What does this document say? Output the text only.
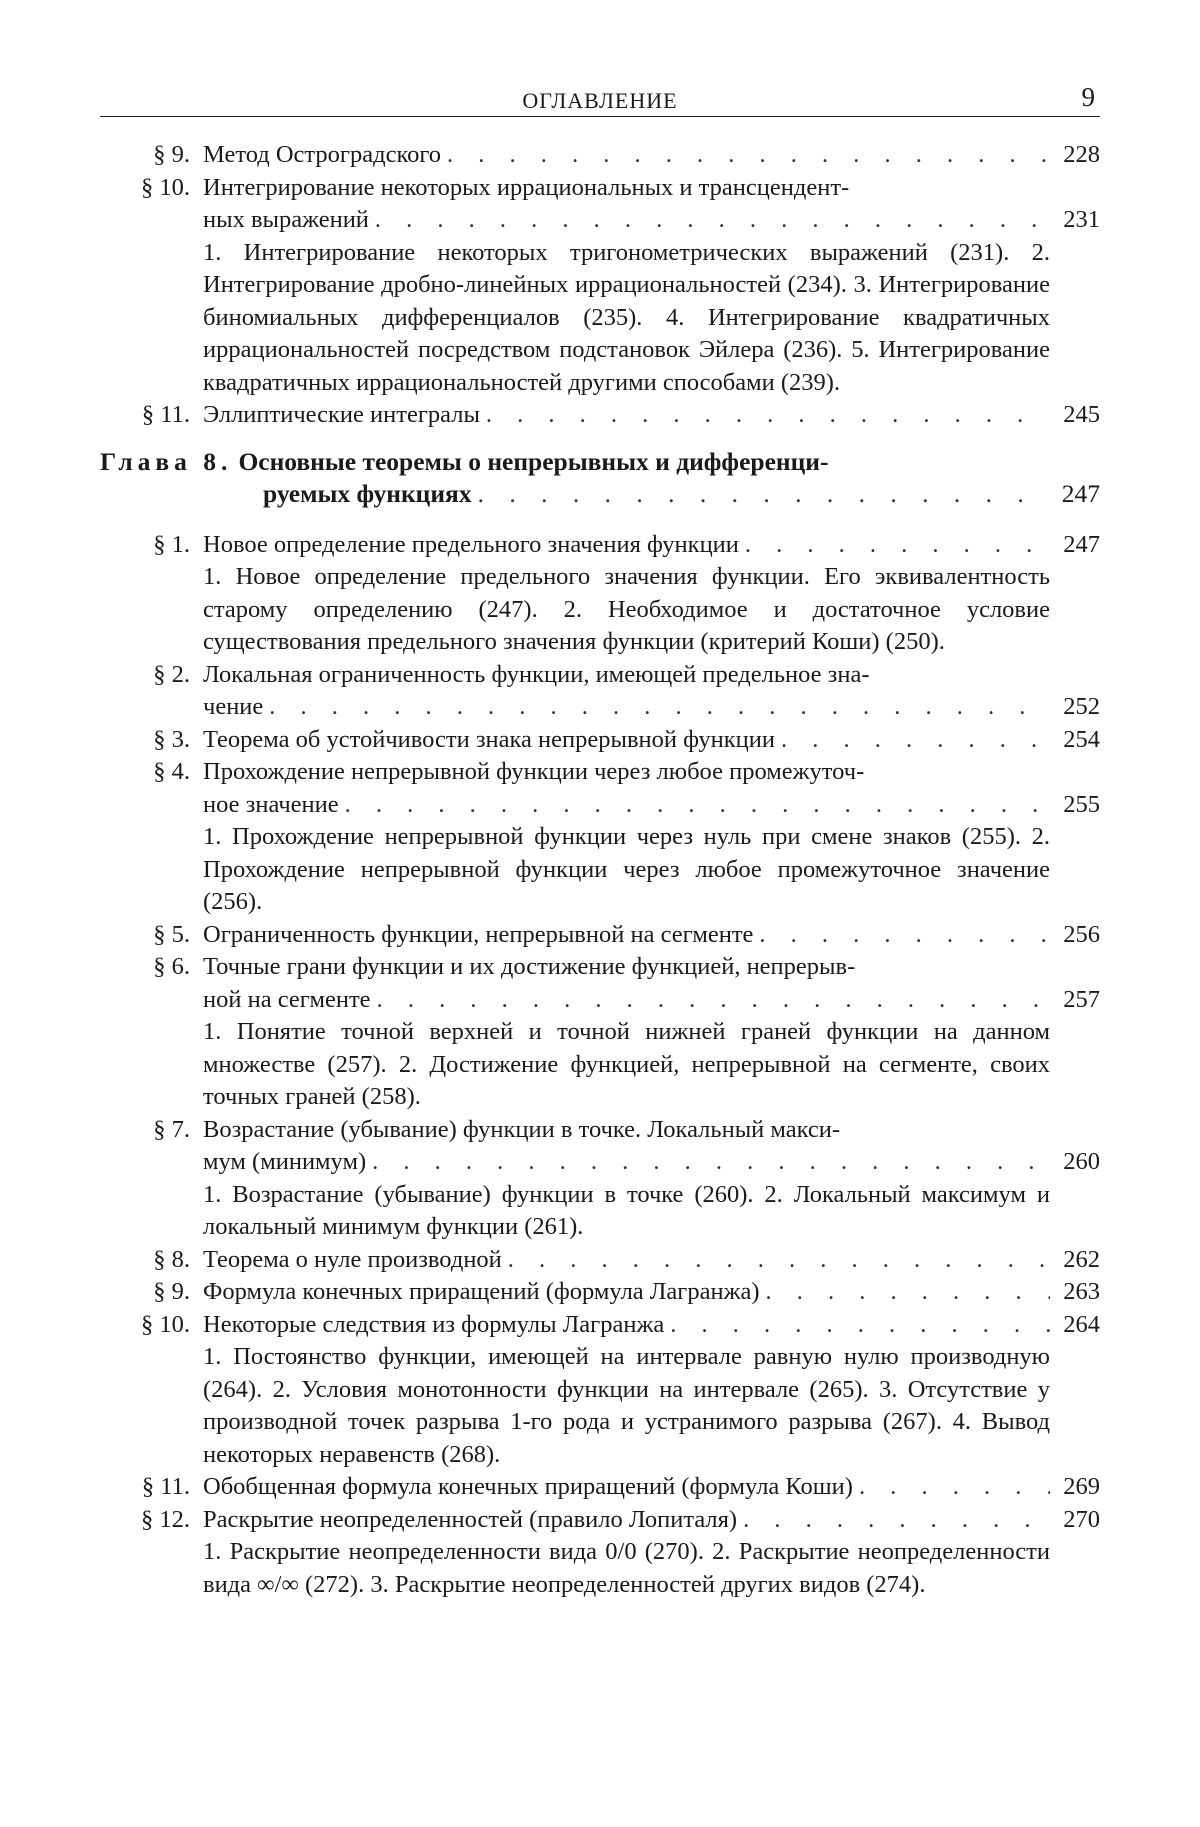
ОГЛАВЛЕНИЕ	9
§ 9. Метод Остроградского . . .	228
§ 10. Интегрирование некоторых иррациональных и трансцендент-
ных выражений . . .	231
1. Интегрирование некоторых тригонометрических выражений (231). 2. Интегрирование дробно-линейных иррациональностей (234). 3. Интегрирование биномиальных дифференциалов (235). 4. Интегрирование квадратичных иррациональностей посредством подстановок Эйлера (236). 5. Интегрирование квадратичных иррациональностей другими способами (239).
§ 11. Эллиптические интегралы . . .	245
Глава 8. Основные теоремы о непрерывных и дифференци-
руемых функциях . . .	247
§ 1. Новое определение предельного значения функции . . .	247
1. Новое определение предельного значения функции. Его эквивалентность старому определению (247). 2. Необходимое и достаточное условие существования предельного значения функции (критерий Коши) (250).
§ 2. Локальная ограниченность функции, имеющей предельное зна-
чение . . .	252
§ 3. Теорема об устойчивости знака непрерывной функции . . .	254
§ 4. Прохождение непрерывной функции через любое промежуточ-
ное значение . . .	255
1. Прохождение непрерывной функции через нуль при смене знаков (255). 2. Прохождение непрерывной функции через любое промежуточное значение (256).
§ 5. Ограниченность функции, непрерывной на сегменте . . .	256
§ 6. Точные грани функции и их достижение функцией, непрерыв-
ной на сегменте . . .	257
1. Понятие точной верхней и точной нижней граней функции на данном множестве (257). 2. Достижение функцией, непрерывной на сегменте, своих точных граней (258).
§ 7. Возрастание (убывание) функции в точке. Локальный макси-
мум (минимум) . . .	260
1. Возрастание (убывание) функции в точке (260). 2. Локальный максимум и локальный минимум функции (261).
§ 8. Теорема о нуле производной . . .	262
§ 9. Формула конечных приращений (формула Лагранжа) . . .	263
§ 10. Некоторые следствия из формулы Лагранжа . . .	264
1. Постоянство функции, имеющей на интервале равную нулю производную (264). 2. Условия монотонности функции на интервале (265). 3. Отсутствие у производной точек разрыва 1-го рода и устранимого разрыва (267). 4. Вывод некоторых неравенств (268).
§ 11. Обобщенная формула конечных приращений (формула Коши) . . .	269
§ 12. Раскрытие неопределенностей (правило Лопиталя) . . .	270
1. Раскрытие неопределенности вида 0/0 (270). 2. Раскрытие неопределенности вида ∞/∞ (272). 3. Раскрытие неопределенностей других видов (274).
